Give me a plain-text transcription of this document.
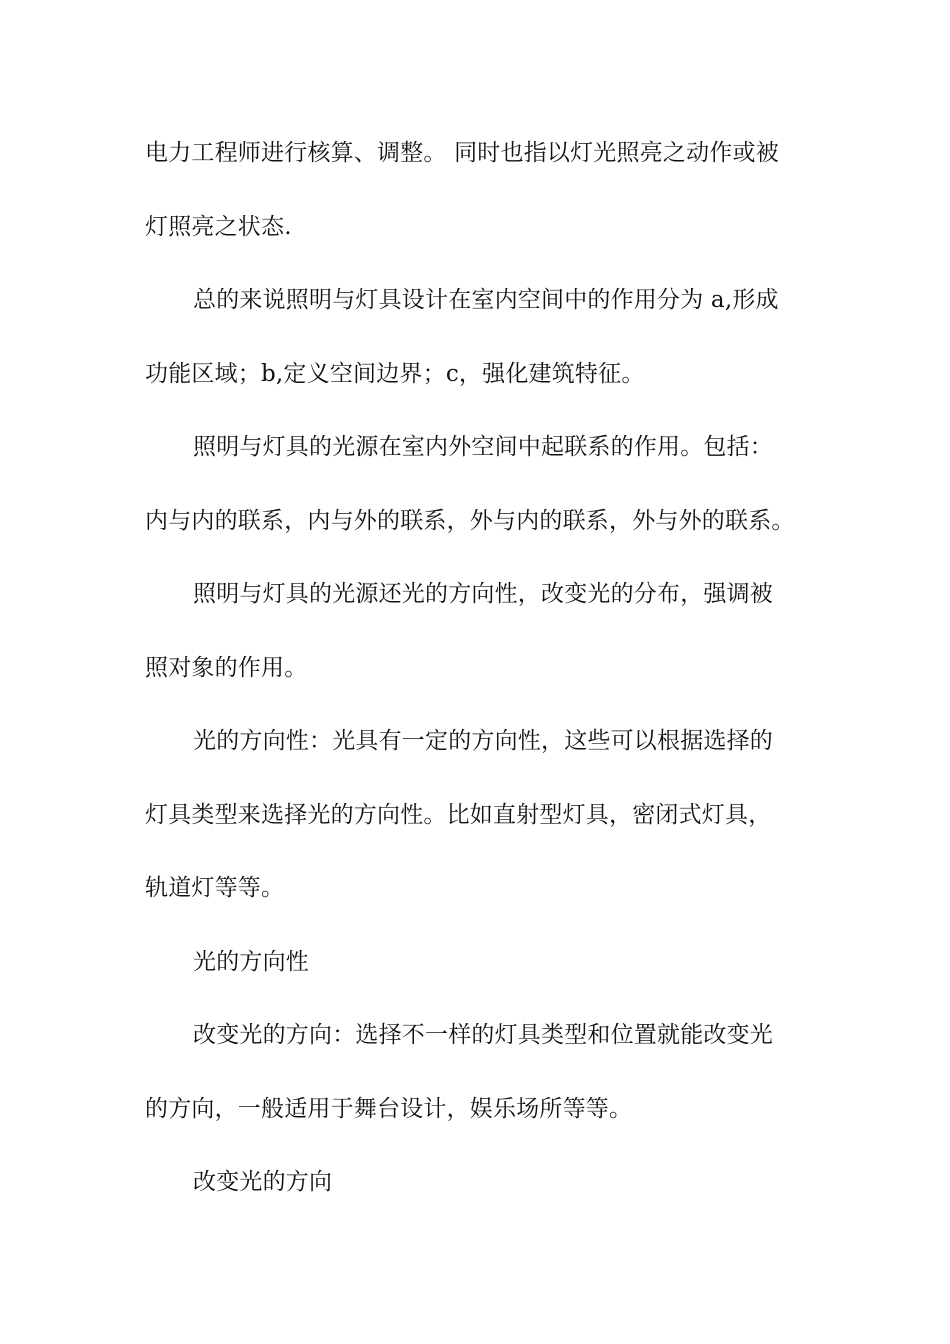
电力工程师进行核算、调整。 同时也指以灯光照亮之动作或被
灯照亮之状态.
总的来说照明与灯具设计在室内空间中的作用分为 a,形成
功能区域；b,定义空间边界；c，强化建筑特征。
照明与灯具的光源在室内外空间中起联系的作用。包括：
内与内的联系，内与外的联系，外与内的联系，外与外的联系。
照明与灯具的光源还光的方向性，改变光的分布，强调被
照对象的作用。
光的方向性：光具有一定的方向性，这些可以根据选择的
灯具类型来选择光的方向性。比如直射型灯具，密闭式灯具，
轨道灯等等。
光的方向性
改变光的方向：选择不一样的灯具类型和位置就能改变光
的方向，一般适用于舞台设计，娱乐场所等等。
改变光的方向
